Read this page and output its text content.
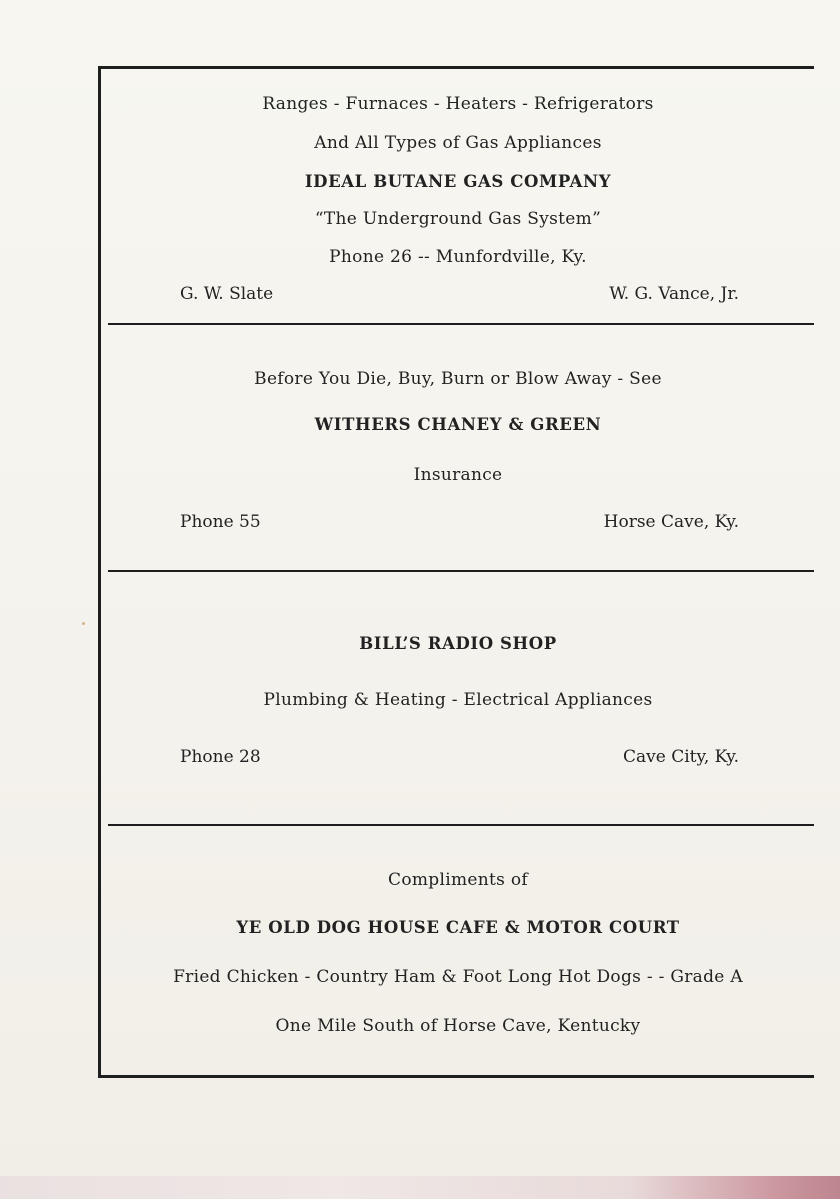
Ranges - Furnaces - Heaters - Refrigerators
And All Types of Gas Appliances
IDEAL BUTANE GAS COMPANY
“The Underground Gas System”
Phone 26 -- Munfordville, Ky.
G. W. Slate	W. G. Vance, Jr.
Before You Die, Buy, Burn or Blow Away - See
WITHERS CHANEY & GREEN
Insurance
Phone 55	Horse Cave, Ky.
BILL’S RADIO SHOP
Plumbing & Heating - Electrical Appliances
Phone 28	Cave City, Ky.
Compliments of
YE OLD DOG HOUSE CAFE & MOTOR COURT
Fried Chicken - Country Ham & Foot Long Hot Dogs - - Grade A
One Mile South of Horse Cave, Kentucky
